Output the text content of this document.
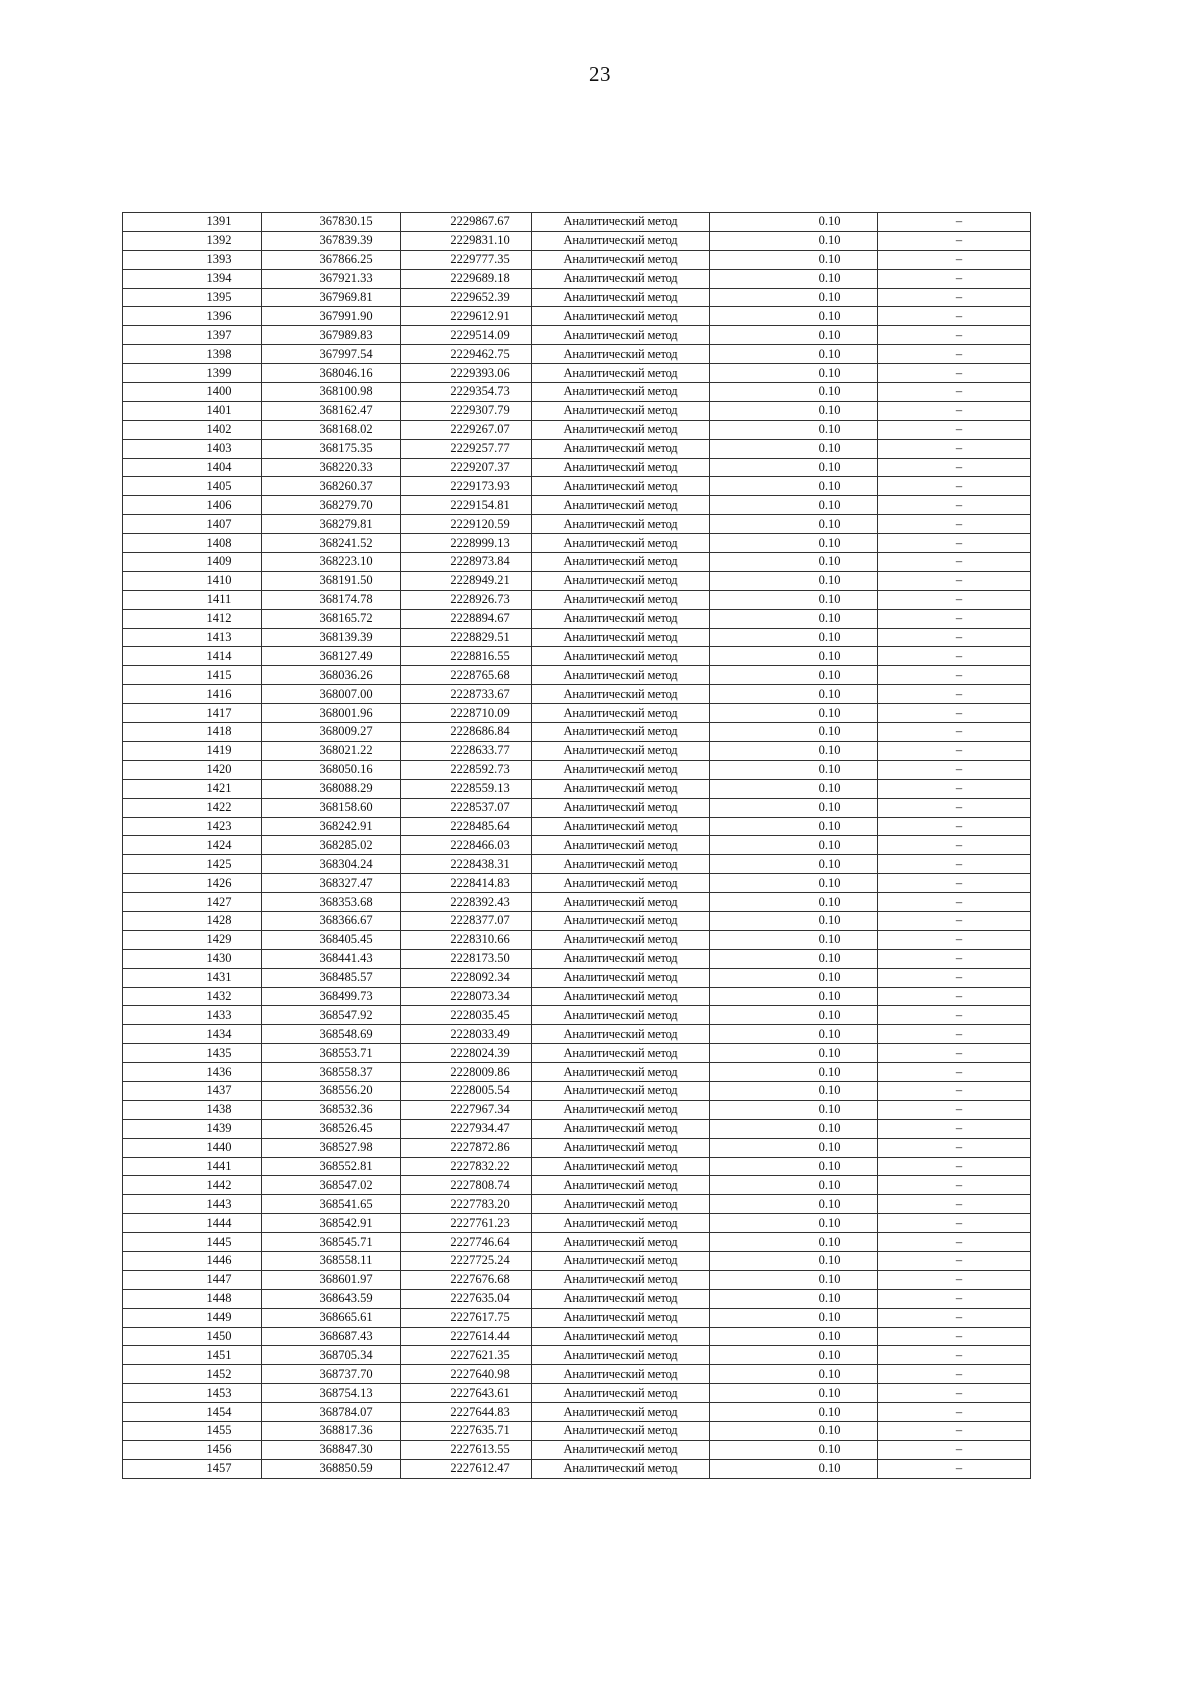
23
1391	367830.15	2229867.67	Аналитический метод	0.10	–
1392	367839.39	2229831.10	Аналитический метод	0.10	–
1393	367866.25	2229777.35	Аналитический метод	0.10	–
1394	367921.33	2229689.18	Аналитический метод	0.10	–
1395	367969.81	2229652.39	Аналитический метод	0.10	–
1396	367991.90	2229612.91	Аналитический метод	0.10	–
1397	367989.83	2229514.09	Аналитический метод	0.10	–
1398	367997.54	2229462.75	Аналитический метод	0.10	–
1399	368046.16	2229393.06	Аналитический метод	0.10	–
1400	368100.98	2229354.73	Аналитический метод	0.10	–
1401	368162.47	2229307.79	Аналитический метод	0.10	–
1402	368168.02	2229267.07	Аналитический метод	0.10	–
1403	368175.35	2229257.77	Аналитический метод	0.10	–
1404	368220.33	2229207.37	Аналитический метод	0.10	–
1405	368260.37	2229173.93	Аналитический метод	0.10	–
1406	368279.70	2229154.81	Аналитический метод	0.10	–
1407	368279.81	2229120.59	Аналитический метод	0.10	–
1408	368241.52	2228999.13	Аналитический метод	0.10	–
1409	368223.10	2228973.84	Аналитический метод	0.10	–
1410	368191.50	2228949.21	Аналитический метод	0.10	–
1411	368174.78	2228926.73	Аналитический метод	0.10	–
1412	368165.72	2228894.67	Аналитический метод	0.10	–
1413	368139.39	2228829.51	Аналитический метод	0.10	–
1414	368127.49	2228816.55	Аналитический метод	0.10	–
1415	368036.26	2228765.68	Аналитический метод	0.10	–
1416	368007.00	2228733.67	Аналитический метод	0.10	–
1417	368001.96	2228710.09	Аналитический метод	0.10	–
1418	368009.27	2228686.84	Аналитический метод	0.10	–
1419	368021.22	2228633.77	Аналитический метод	0.10	–
1420	368050.16	2228592.73	Аналитический метод	0.10	–
1421	368088.29	2228559.13	Аналитический метод	0.10	–
1422	368158.60	2228537.07	Аналитический метод	0.10	–
1423	368242.91	2228485.64	Аналитический метод	0.10	–
1424	368285.02	2228466.03	Аналитический метод	0.10	–
1425	368304.24	2228438.31	Аналитический метод	0.10	–
1426	368327.47	2228414.83	Аналитический метод	0.10	–
1427	368353.68	2228392.43	Аналитический метод	0.10	–
1428	368366.67	2228377.07	Аналитический метод	0.10	–
1429	368405.45	2228310.66	Аналитический метод	0.10	–
1430	368441.43	2228173.50	Аналитический метод	0.10	–
1431	368485.57	2228092.34	Аналитический метод	0.10	–
1432	368499.73	2228073.34	Аналитический метод	0.10	–
1433	368547.92	2228035.45	Аналитический метод	0.10	–
1434	368548.69	2228033.49	Аналитический метод	0.10	–
1435	368553.71	2228024.39	Аналитический метод	0.10	–
1436	368558.37	2228009.86	Аналитический метод	0.10	–
1437	368556.20	2228005.54	Аналитический метод	0.10	–
1438	368532.36	2227967.34	Аналитический метод	0.10	–
1439	368526.45	2227934.47	Аналитический метод	0.10	–
1440	368527.98	2227872.86	Аналитический метод	0.10	–
1441	368552.81	2227832.22	Аналитический метод	0.10	–
1442	368547.02	2227808.74	Аналитический метод	0.10	–
1443	368541.65	2227783.20	Аналитический метод	0.10	–
1444	368542.91	2227761.23	Аналитический метод	0.10	–
1445	368545.71	2227746.64	Аналитический метод	0.10	–
1446	368558.11	2227725.24	Аналитический метод	0.10	–
1447	368601.97	2227676.68	Аналитический метод	0.10	–
1448	368643.59	2227635.04	Аналитический метод	0.10	–
1449	368665.61	2227617.75	Аналитический метод	0.10	–
1450	368687.43	2227614.44	Аналитический метод	0.10	–
1451	368705.34	2227621.35	Аналитический метод	0.10	–
1452	368737.70	2227640.98	Аналитический метод	0.10	–
1453	368754.13	2227643.61	Аналитический метод	0.10	–
1454	368784.07	2227644.83	Аналитический метод	0.10	–
1455	368817.36	2227635.71	Аналитический метод	0.10	–
1456	368847.30	2227613.55	Аналитический метод	0.10	–
1457	368850.59	2227612.47	Аналитический метод	0.10	–
